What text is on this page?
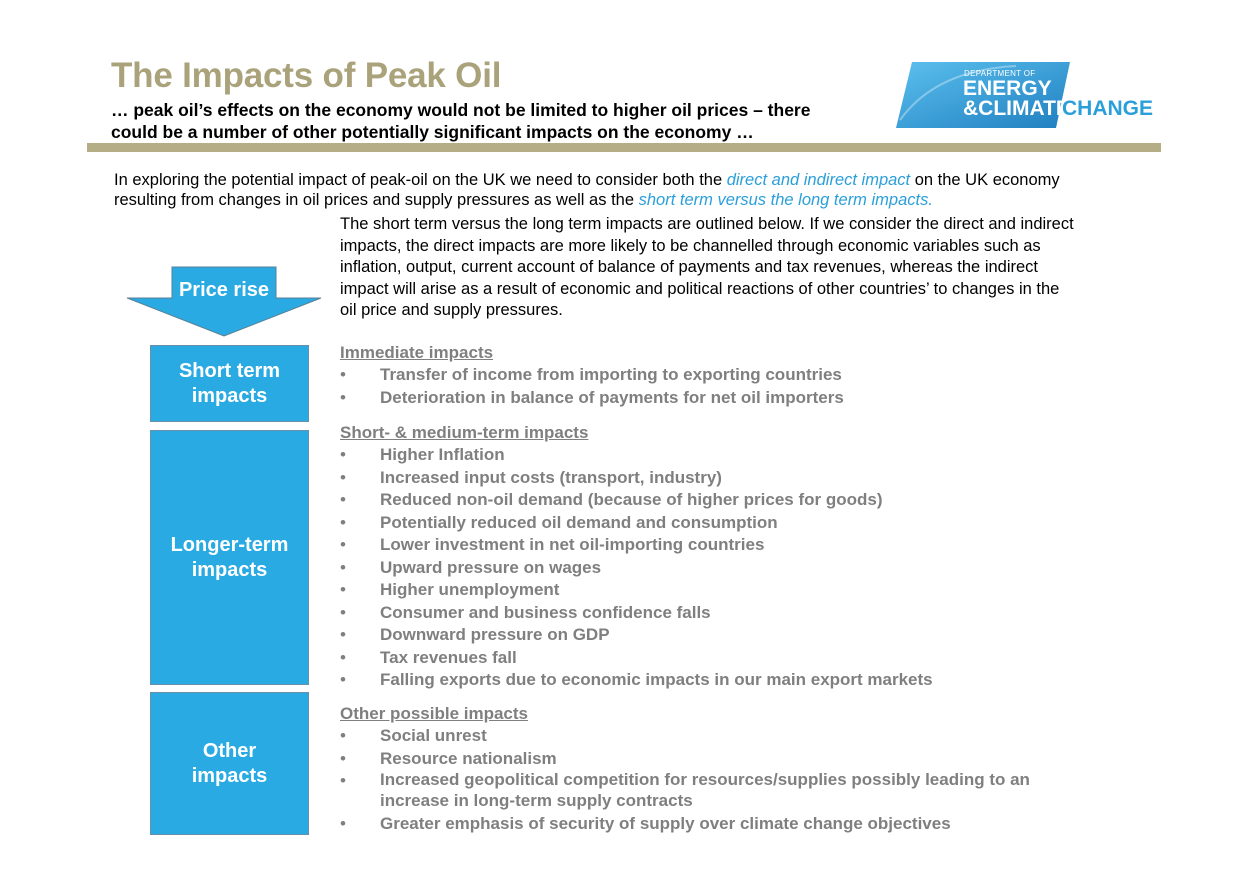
The Impacts of Peak Oil
… peak oil’s effects on the economy would not be limited to higher oil prices – there
could be a number of other potentially significant impacts on the economy …
DEPARTMENT OF
ENERGY
&CLIMATE
CHANGE
In exploring the potential impact of peak-oil on the UK we need to consider both the direct and indirect impact on the UK economy
resulting from changes in oil prices and supply pressures as well as the short term versus the long term impacts.
The short term versus the long term impacts are outlined below. If we consider the direct and indirect
impacts, the direct impacts are more likely to be channelled through economic variables such as
inflation, output, current account of balance of payments and tax revenues, whereas the indirect
impact will arise as a result of economic and political reactions of other countries’ to changes in the
oil price and supply pressures.
Price rise
Short term
impacts
Longer-term
impacts
Other
impacts
Immediate impacts
• Transfer of income from importing to exporting countries
• Deterioration in balance of payments for net oil importers
Short- & medium-term impacts
• Higher Inflation
• Increased input costs (transport, industry)
• Reduced non-oil demand (because of higher prices for goods)
• Potentially reduced oil demand and consumption
• Lower investment in net oil-importing countries
• Upward pressure on wages
• Higher unemployment
• Consumer and business confidence falls
• Downward pressure on GDP
• Tax revenues fall
• Falling exports due to economic impacts in our main export markets
Other possible impacts
• Social unrest
• Resource nationalism
• Increased geopolitical competition for resources/supplies possibly leading to an increase in long-term supply contracts
• Greater emphasis of security of supply over climate change objectives
